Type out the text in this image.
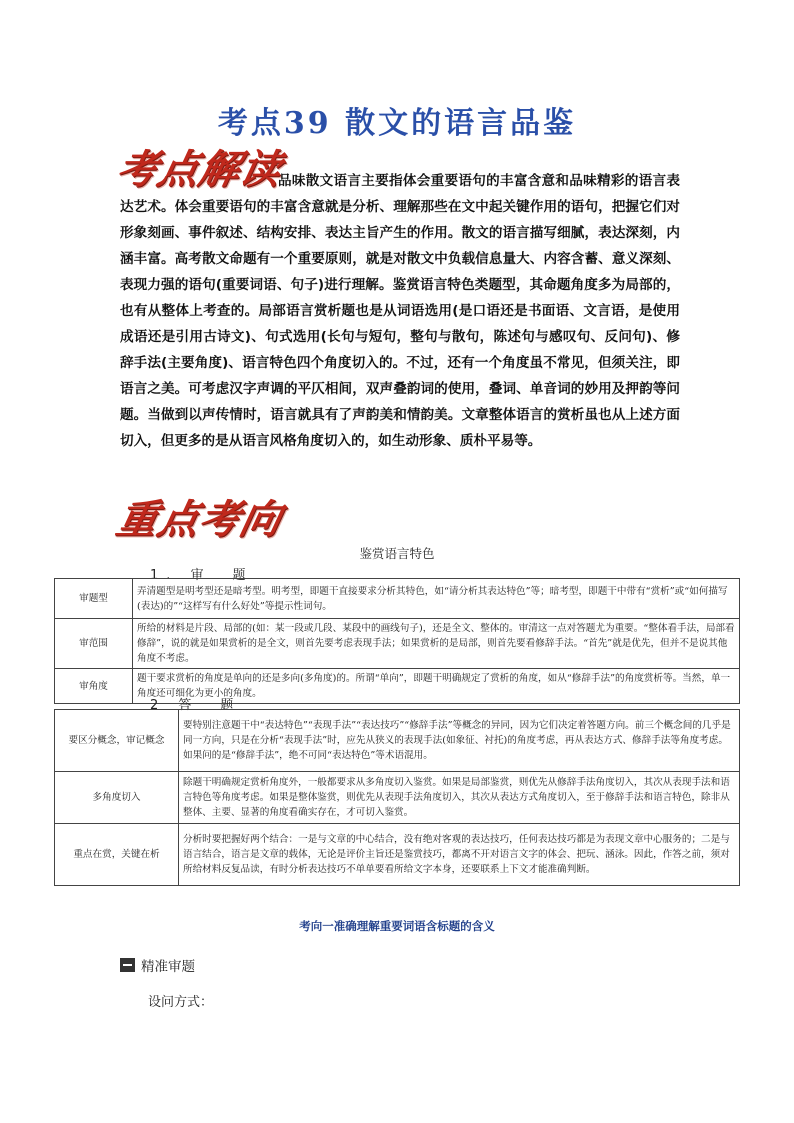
考点39 散文的语言品鉴
考点解读
品味散文语言主要指体会重要语句的丰富含意和品味精彩的语言表达艺术。体会重要语句的丰富含意就是分析、理解那些在文中起关键作用的语句，把握它们对形象刻画、事件叙述、结构安排、表达主旨产生的作用。散文的语言描写细腻，表达深刻，内涵丰富。高考散文命题有一个重要原则，就是对散文中负载信息量大、内容含蓄、意义深刻、表现力强的语句(重要词语、句子)进行理解。鉴赏语言特色类题型，其命题角度多为局部的，也有从整体上考查的。局部语言赏析题也是从词语选用(是口语还是书面语、文言语，是使用成语还是引用古诗文)、句式选用(长句与短句，整句与散句，陈述句与感叹句、反问句)、修辞手法(主要角度)、语言特色四个角度切入的。不过，还有一个角度虽不常见，但须关注，即语言之美。可考虑汉字声调的平仄相间，双声叠韵词的使用，叠词、单音词的妙用及押韵等问题。当做到以声传情时，语言就具有了声韵美和情韵美。文章整体语言的赏析虽也从上述方面切入，但更多的是从语言风格角度切入的，如生动形象、质朴平易等。
重点考向
鉴赏语言特色
1. 审　题
审题型	弄清题型是明考型还是暗考型。明考型，即题干直接要求分析其特色，如“请分析其表达特色”等；暗考型，即题干中带有“赏析”或“如何描写(表达)的”“这样写有什么好处”等提示性词句。
审范围	所给的材料是片段、局部的(如：某一段或几段、某段中的画线句子)，还是全文、整体的。审清这一点对答题尤为重要。“整体看手法，局部看修辞”，说的就是如果赏析的是全文，则首先要考虑表现手法；如果赏析的是局部，则首先要看修辞手法。“首先”就是优先，但并不是说其他角度不考虑。
审角度	题干要求赏析的角度是单向的还是多向(多角度)的。所谓“单向”，即题干明确规定了赏析的角度，如从“修辞手法”的角度赏析等。当然，单一角度还可细化为更小的角度。
2 答　题
要区分概念，审记概念	要特别注意题干中“表达特色”“表现手法”“表达技巧”“修辞手法”等概念的异同，因为它们决定着答题方向。前三个概念间的几乎是同一方向，只是在分析“表现手法”时，应先从狭义的表现手法(如象征、衬托)的角度考虑，再从表达方式、修辞手法等角度考虑。如果问的是“修辞手法”，绝不可同“表达特色”等术语混用。
多角度切入	除题干明确规定赏析角度外，一般都要求从多角度切入鉴赏。如果是局部鉴赏，则优先从修辞手法角度切入，其次从表现手法和语言特色等角度考虑。如果是整体鉴赏，则优先从表现手法角度切入，其次从表达方式角度切入，至于修辞手法和语言特色，除非从整体、主要、显著的角度看确实存在，才可切入鉴赏。
重点在赏，关键在析	分析时要把握好两个结合：一是与文章的中心结合，没有绝对客观的表达技巧，任何表达技巧都是为表现文章中心服务的；二是与语言结合，语言是文章的载体，无论是评价主旨还是鉴赏技巧，都离不开对语言文字的体会、把玩、涵泳。因此，作答之前，须对所给材料反复品读，有时分析表达技巧不单单要看所给文字本身，还要联系上下文才能准确判断。
考向一准确理解重要词语含标题的含义
精准审题
设问方式：
